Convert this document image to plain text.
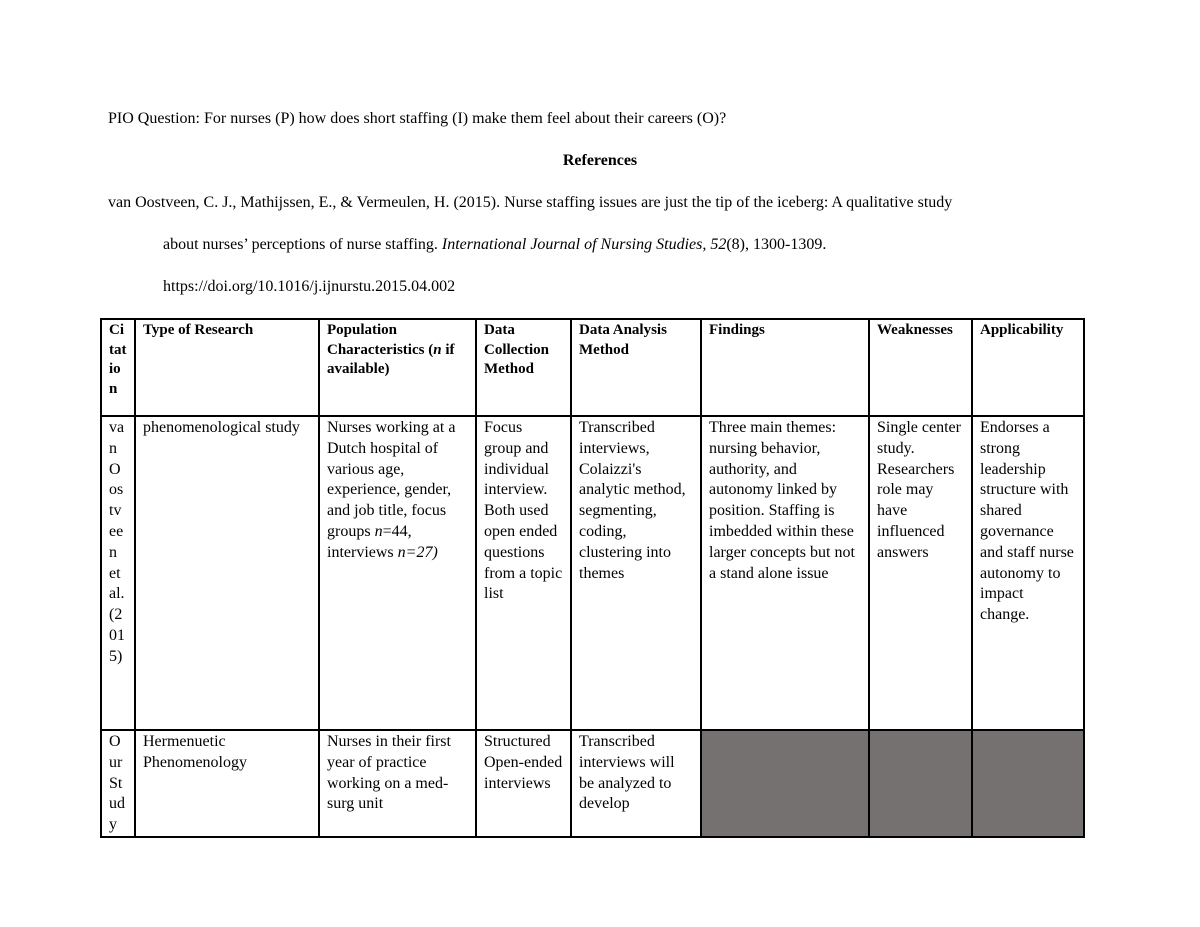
PIO Question: For nurses (P) how does short staffing (I) make them feel about their careers (O)?
References
van Oostveen, C. J., Mathijssen, E., & Vermeulen, H. (2015). Nurse staffing issues are just the tip of the iceberg: A qualitative study
about nurses’ perceptions of nurse staffing. International Journal of Nursing Studies, 52(8), 1300-1309.
https://doi.org/10.1016/j.ijnurstu.2015.04.002
Citation	Type of Research	Population Characteristics (n if available)	Data Collection Method	Data Analysis Method	Findings	Weaknesses	Applicability
van Oostveen et al. (2015)	phenomenological study	Nurses working at a Dutch hospital of various age, experience, gender, and job title, focus groups n=44, interviews n=27)	Focus group and individual interview. Both used open ended questions from a topic list	Transcribed interviews, Colaizzi's analytic method, segmenting, coding, clustering into themes	Three main themes: nursing behavior, authority, and autonomy linked by position. Staffing is imbedded within these larger concepts but not a stand alone issue	Single center study. Researchers role may have influenced answers	Endorses a strong leadership structure with shared governance and staff nurse autonomy to impact change.
Our Study	Hermenuetic Phenomenology	Nurses in their first year of practice working on a med-surg unit	Structured Open-ended interviews	Transcribed interviews will be analyzed to develop			
